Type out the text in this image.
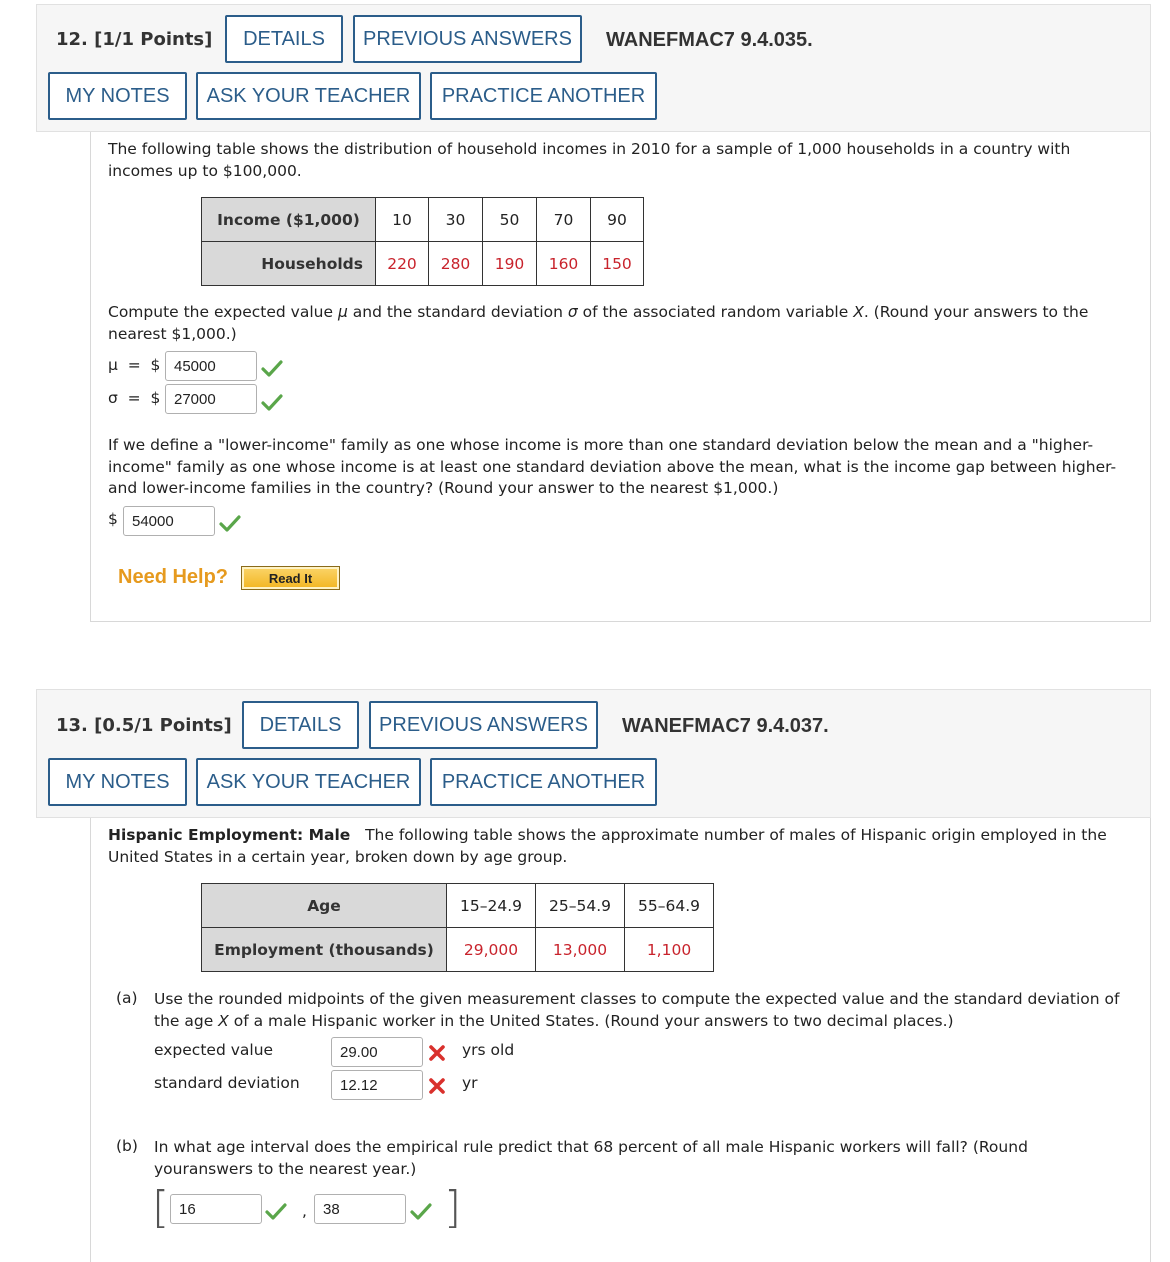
12. [1/1 Points]	DETAILS	PREVIOUS ANSWERS	WANEFMAC7 9.4.035.
MY NOTES	ASK YOUR TEACHER	PRACTICE ANOTHER
The following table shows the distribution of household incomes in 2010 for a sample of 1,000 households in a country with incomes up to $100,000.
Income ($1,000)	10	30	50	70	90
Households	220	280	190	160	150
Compute the expected value μ and the standard deviation σ of the associated random variable X. (Round your answers to the nearest $1,000.)
μ  =  $ 45000
σ  =  $ 27000
If we define a "lower-income" family as one whose income is more than one standard deviation below the mean and a "higher-income" family as one whose income is at least one standard deviation above the mean, what is the income gap between higher- and lower-income families in the country? (Round your answer to the nearest $1,000.)
$ 54000
Need Help?	Read It
13. [0.5/1 Points]	DETAILS	PREVIOUS ANSWERS	WANEFMAC7 9.4.037.
MY NOTES	ASK YOUR TEACHER	PRACTICE ANOTHER
Hispanic Employment: Male The following table shows the approximate number of males of Hispanic origin employed in the United States in a certain year, broken down by age group.
Age	15–24.9	25–54.9	55–64.9
Employment (thousands)	29,000	13,000	1,100
(a) Use the rounded midpoints of the given measurement classes to compute the expected value and the standard deviation of the age X of a male Hispanic worker in the United States. (Round your answers to two decimal places.)
expected value	29.00	yrs old
standard deviation	12.12	yr
(b) In what age interval does the empirical rule predict that 68 percent of all male Hispanic workers will fall? (Round youranswers to the nearest year.)
[ 16	,	38	]
